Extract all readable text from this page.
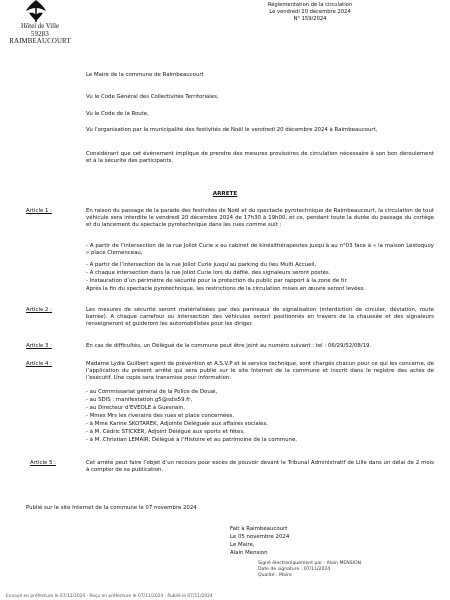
Hôtel de Ville
59283 RAIMBEAUCOURT
Réglementation de la circulation
Le vendredi 20 décembre 2024
N° 159/2024
Le Maire de la commune de Raimbeaucourt
Vu le Code Général des Collectivités Territoriales,
Vu le Code de la Route,
Vu l’organisation par la municipalité des festivités de Noël le vendredi 20 décembre 2024 à Raimbeaucourt,
Considérant que cet événement implique de prendre des mesures provisoires de circulation nécessaire à son bon déroulement et à la sécurité des participants.
ARRETE
Article 1 :	En raison du passage de la parade des festivités de Noël et du spectacle pyrotechnique de Raimbeaucourt, la circulation de tout véhicule sera interdite le vendredi 20 décembre 2024 de 17h30 à 19h00, et ce, pendant toute la durée du passage du cortège et du lancement du spectacle pyrotechnique dans les rues comme suit :
- A partir de l’intersection de la rue Joliot Curie x au cabinet de kinésithérapeutes jusqu’à au n°03 face à « la maison Lestoquoy » place Clemenceau,
- A partir de l’intersection de la rue Joliot Curie jusqu’au parking du lieu Multi Accueil,
- A chaque intersection dans la rue Joliot Curie lors du défilé, des signaleurs seront postés.
- Instauration d’un périmètre de sécurité pour la protection du public par rapport à la zone de tir.
Après la fin du spectacle pyrotechnique, les restrictions de la circulation mises en œuvre seront levées.
Article 2 :	Les mesures de sécurité seront matérialisées par des panneaux de signalisation (interdiction de circuler, déviation, route barrée). A chaque carrefour ou intersection des véhicules seront positionnés en travers de la chaussée et des signaleurs renseigneront et guideront les automobilistes pour les diriger.
Article 3 :	En cas de difficultés, un Délégué de la commune peut être joint au numéro suivant : tel : 06/29/52/08/19.
Article 4 :	Madame Lydie Guilbert agent de prévention et A.S.V.P et le service technique, sont chargés chacun pour ce qui les concerne, de l’application du présent arrêté qui sera publié sur le site Internet de la commune et inscrit dans le registre des actes de l’exécutif. Une copie sera transmise pour information:
- au Commissariat général de la Police de Douai,
- au SDIS : manifestation.g5@sdis59.fr,
- au Directeur d’EVEOLE à Guesnain,
- Mmes Mrs les riverains des rues et place concernées,
- à Mme Karine SKOTAREK, Adjointe Déléguée aux affaires sociales,
- à M. Cédric STICKER, Adjoint Délégué aux sports et fêtes,
- à M. Christian LEMAIR, Délégué à l’Histoire et au patrimoine de la commune,
Article 5 :	Cet arrêté peut faire l’objet d’un recours pour excès de pouvoir devant le Tribunal Administratif de Lille dans un délai de 2 mois à compter de sa publication.
Publié sur le site Internet de la commune le 07 novembre 2024
Fait à Raimbeaucourt
Le 05 novembre 2024
Le Maire,
Alain Mension
Signé électroniquement par : Alain MENSION
Date de signature : 07/11/2024
Qualité : Maire
Envoyé en préfecture le 07/11/2024 · Reçu en préfecture le 07/11/2024 · Publié le 07/11/2024
